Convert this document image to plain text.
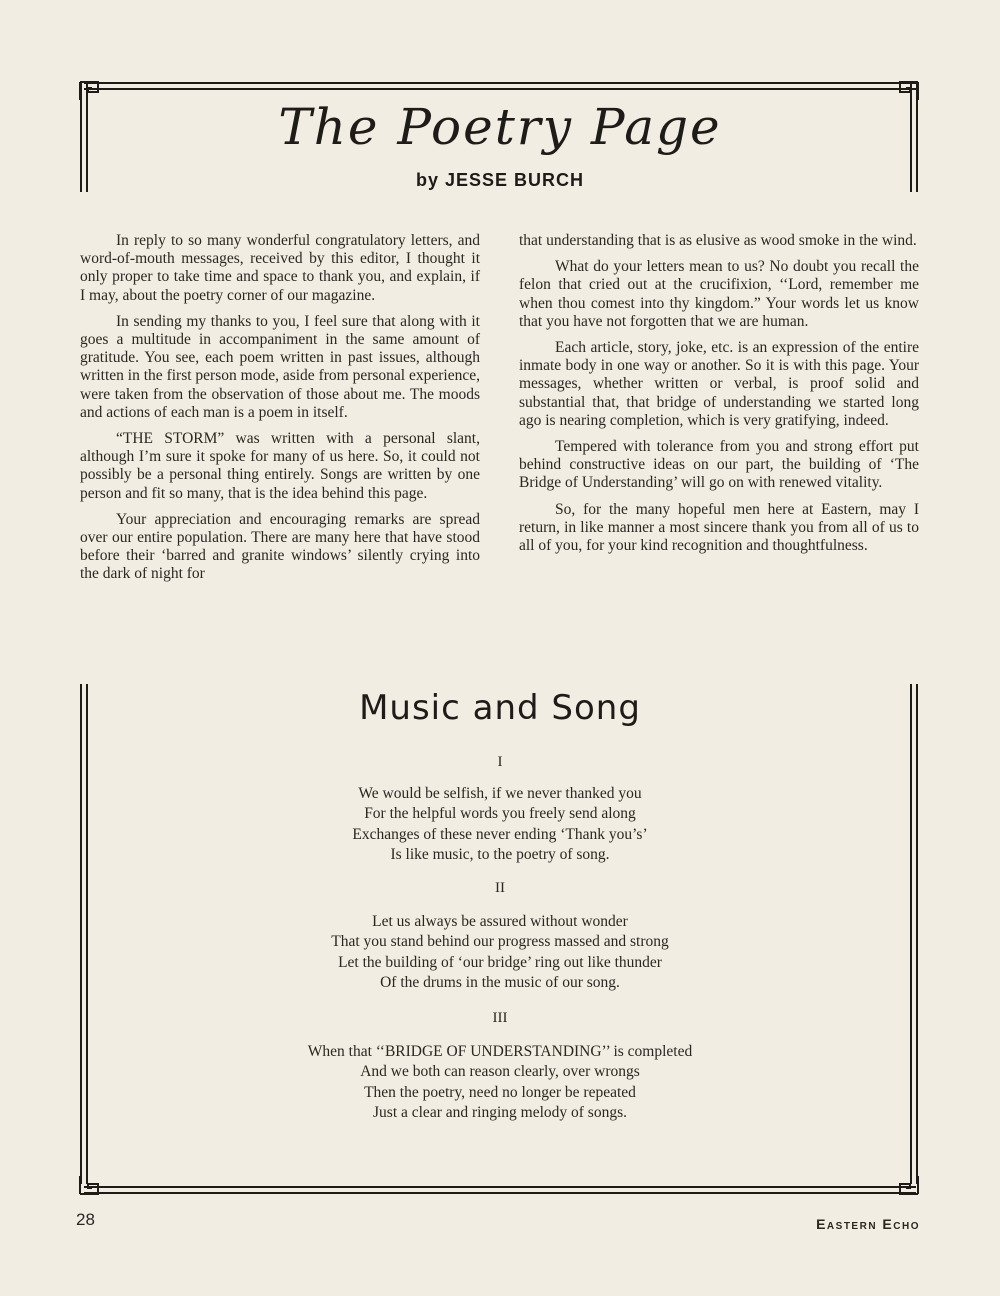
The Poetry Page
by JESSE BURCH

In reply to so many wonderful congratulatory letters, and word-of-mouth messages, received by this editor, I thought it only proper to take time and space to thank you, and explain, if I may, about the poetry corner of our magazine.

In sending my thanks to you, I feel sure that along with it goes a multitude in accompaniment in the same amount of gratitude. You see, each poem written in past issues, although written in the first person mode, aside from personal experience, were taken from the observation of those about me. The moods and actions of each man is a poem in itself.

“THE STORM” was written with a personal slant, although I’m sure it spoke for many of us here. So, it could not possibly be a personal thing entirely. Songs are written by one person and fit so many, that is the idea behind this page.

Your appreciation and encouraging remarks are spread over our entire population. There are many here that have stood before their ‘barred and granite windows’ silently crying into the dark of night for

that understanding that is as elusive as wood smoke in the wind.

What do your letters mean to us? No doubt you recall the felon that cried out at the crucifixion, ‘‘Lord, remember me when thou comest into thy kingdom.” Your words let us know that you have not forgotten that we are human.

Each article, story, joke, etc. is an expression of the entire inmate body in one way or another. So it is with this page. Your messages, whether written or verbal, is proof solid and substantial that, that bridge of understanding we started long ago is nearing completion, which is very gratifying, indeed.

Tempered with tolerance from you and strong effort put behind constructive ideas on our part, the building of ‘The Bridge of Understanding’ will go on with renewed vitality.

So, for the many hopeful men here at Eastern, may I return, in like manner a most sincere thank you from all of us to all of you, for your kind recognition and thoughtfulness.

Music and Song
I
We would be selfish, if we never thanked you
For the helpful words you freely send along
Exchanges of these never ending ‘Thank you’s’
Is like music, to the poetry of song.
II
Let us always be assured without wonder
That you stand behind our progress massed and strong
Let the building of ‘our bridge’ ring out like thunder
Of the drums in the music of our song.
III
When that ‘‘BRIDGE OF UNDERSTANDING’’ is completed
And we both can reason clearly, over wrongs
Then the poetry, need no longer be repeated
Just a clear and ringing melody of songs.
28	Eastern Echo
